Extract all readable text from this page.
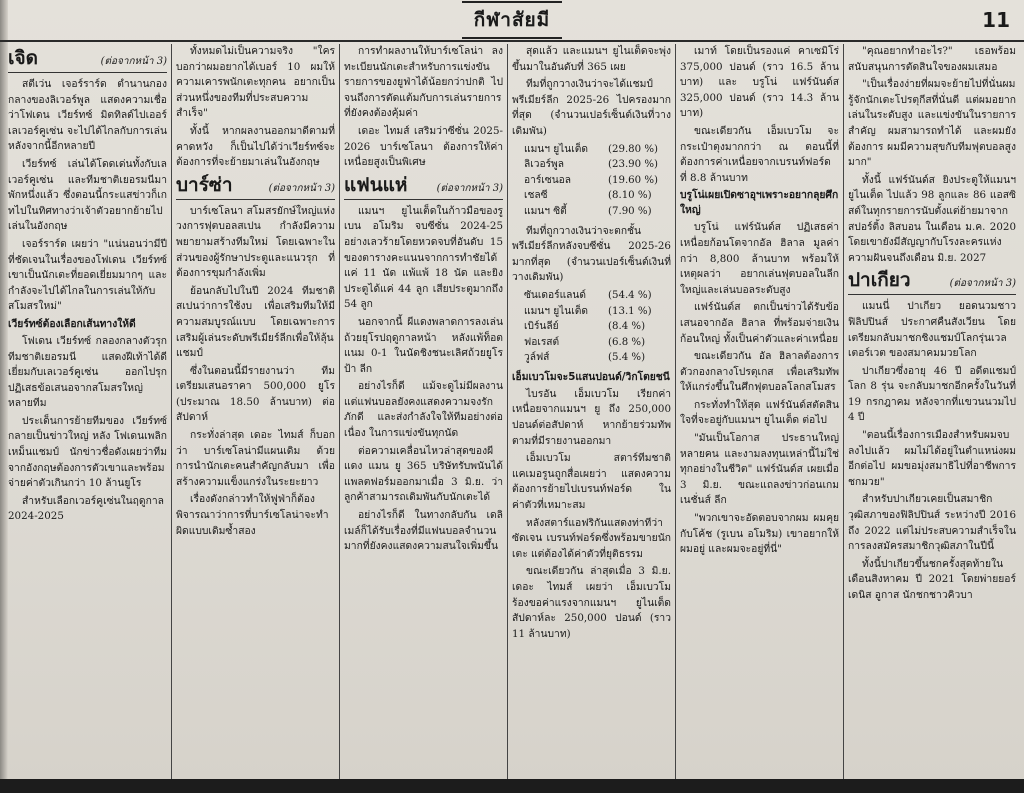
กีฬาสัยมี	11
เจิด	(ต่อจากหน้า 3)

สตีเว่น เจอร์ราร์ด ตำนานกองกลางของลิเวอร์พูล แสดงความเชื่อว่าโฟเดน เวียร์ทซ์ มิตทิลด์ไปเออร์ เลเวอร์คูเซ่น จะไปได้ไกลกับการเล่นหลังจากนี้อีกหลายปี

เวียร์ทซ์ เล่นได้โดดเด่นทั้งกับเลเวอร์คูเซ่น และทีมชาติเยอรมนีมาพักหนึ่งแล้ว ซึ่งตอนนี้กระแสข่าวก็เกทไปในทิศทางว่าเจ้าตัวอยากย้ายไปเล่นในอังกฤษ

เจอร์ราร์ด เผยว่า "แน่นอนว่ามีปีที่ชัดเจนในเรื่องของโฟเดน เวียร์ทซ์ เขาเป็นนักเตะที่ยอดเยี่ยมมากๆ และกำลังจะไปได้ไกลในการเล่นให้กับสโมสรใหม่"

เวียร์ทซ์ต้องเลือกเส้นทางให้ดี

โฟเดน เวียร์ทซ์ กลองกลางตัวรุกทีมชาติเยอรมนี แสดงฝีเท้าได้ดีเยี่ยมกับเลเวอร์คูเซ่น ออกไปรุกปฏิเสธข้อเสนอจากสโมสรใหญ่หลายทีม

ประเด็นการย้ายทีมของ เวียร์ทซ์กลายเป็นข่าวใหญ่ หลัง โฟเดนเพลิกเหม็นแชมป์ นักข่าวชื่อดังเผยว่าทีมจากอังกฤษต้องการตัวเขาและพร้อมจ่ายค่าตัวเกินกว่า 10 ล้านยูโร

สำหรับเลือกเวอร์คูเซ่นในฤดูกาล 2024-2025

ทั้งหมดไม่เป็นความจริง "ใครบอกว่าผมอยากได้เบอร์ 10 ผมให้ความเคารพนักเตะทุกคน อยากเป็นส่วนหนึ่งของทีมที่ประสบความสำเร็จ"

ทั้งนี้ หากผลงานออกมาดีตามที่คาดหวัง ก็เป็นไปได้ว่าเวียร์ทซ์จะต้องการที่จะย้ายมาเล่นในอังกฤษ

บาร์ซ่า	(ต่อจากหน้า 3)

บาร์เซโลนา สโมสรยักษ์ใหญ่แห่งวงการฟุตบอลสเปน กำลังมีความพยายามสร้างทีมใหม่ โดยเฉพาะในส่วนของผู้รักษาประตูและแนวรุก ที่ต้องการขุมกำลังเพิ่ม

ย้อนกลับไปในปี 2024 ทีมชาติสเปนว่าการใช้งบ เพื่อเสริมทีมให้มีความสมบูรณ์แบบ โดยเฉพาะการเสริมผู้เล่นระดับพรีเมียร์ลีกเพื่อให้ลุ้นแชมป์

ซึ่งในตอนนี้มีรายงานว่า ทีมเตรียมเสนอราคา 500,000 ยูโร (ประมาณ 18.50 ล้านบาท) ต่อสัปดาห์

กระทั่งล่าสุด เดอะ ไทมส์ ก็บอกว่า บาร์เซโลน่ามีแผนเดิม ด้วยการนำนักเตะคนสำคัญกลับมา เพื่อสร้างความแข็งแกร่งในระยะยาว

เรื่องดังกล่าวทำให้ฟูฟ่าก็ต้องพิจารณาว่าการที่บาร์เซโลน่าจะทำผิดแบบเดิมซ้ำสอง

การทำผลงานให้บาร์เซโลน่า ลงทะเบียนนักเตะสำหรับการแข่งขันรายการของยูฟ่าได้น้อยกว่าปกติ ไปจนถึงการตัดแต้มกับการเล่นรายการที่ยังคงต้องคุ้มค่า

เดอะ ไทมส์ เสริมว่าซีซั่น 2025-2026 บาร์เซโลนา ต้องการให้ค่าเหนื่อยสูงเป็นพิเศษ

แฟนแห่	(ต่อจากหน้า 3)

แมนฯ ยูไนเต็ดในก้าวมือของรูเบน อโมริม จบซีซั่น 2024-25 อย่างเลวร้ายโดยหวดจบที่อันดับ 15 ของตารางคะแนนจากการทำชัยได้แค่ 11 นัด แพ้แพ้ 18 นัด และยิงประตูได้แค่ 44 ลูก เสียประตูมากถึง 54 ลูก

นอกจากนี้ ผีแดงพลาดการลงเล่นถ้วยยุโรปฤดูกาลหน้า หลังแพ้ท็อตแนม 0-1 ในนัดชิงชนะเลิศถ้วยยูโรป้า ลีก

อย่างไรก็ดี แม้จะดูไม่มีผลงาน แต่แฟนบอลยังคงแสดงความจงรักภักดี และส่งกำลังใจให้ทีมอย่างต่อเนื่อง ในการแข่งขันทุกนัด

ต่อความเคลื่อนไหวล่าสุดของผีแดง แมน ยู 365 บริษัทรับพนันได้แพลตฟอร์มออกมาเมื่อ 3 มิ.ย. ว่าลูกค้าสามารถเดิมพันกับนักเตะได้

อย่างไรก็ดี ในทางกลับกัน เดลิเมล์ก็ได้รับเรื่องที่มีแฟนบอลจำนวนมากที่ยังคงแสดงความสนใจเพิ่มขึ้น

สุดแล้ว และแมนฯ ยูไนเต็ดจะพุ่งขึ้นมาในอันดับที่ 365 เผย

ทีมที่ถูกวางเงินว่าจะได้แชมป์พรีเมียร์ลีก 2025-26 ไปครองมากที่สุด (จำนวนเปอร์เซ็นต์เงินที่วางเดิมพัน)

แมนฯ ยูไนเต็ด	(29.80 %)
ลิเวอร์พูล	(23.90 %)
อาร์เซนอล	(19.60 %)
เชลซี	(8.10 %)
แมนฯ ซิตี้	(7.90 %)

ทีมที่ถูกวางเงินว่าจะตกชั้นพรีเมียร์ลีกหลังจบซีซั่น 2025-26 มากที่สุด (จำนวนเปอร์เซ็นต์เงินที่วางเดิมพัน)

ซันเดอร์แลนด์	(54.4 %)
แมนฯ ยูไนเต็ด	(13.1 %)
เบิร์นลีย์	(8.4 %)
ฟอเรสต์	(6.8 %)
วูล์ฟส์	(5.4 %)
เอ็มเบวโมจะ5แสนปอนด์/วิกโตยชนี

ไบรอัน เอ็มเบวโม เรียกค่าเหนื่อยจากแมนฯ ยู ถึง 250,000 ปอนด์ต่อสัปดาห์ หากย้ายร่วมทัพตามที่มีรายงานออกมา

เอ็มเบวโม สตาร์ทีมชาติแคเมอรูนถูกสื่อเผยว่า แสดงความต้องการย้ายไปเบรนท์ฟอร์ด ในค่าตัวที่เหมาะสม

หลังสตาร์แอฟริกันแสดงท่าทีว่าซัดเจน เบรนท์ฟอร์ดซึ่งพร้อมขายนักเตะ แต่ต้องได้ค่าตัวที่ยุติธรรม

ขณะเดียวกัน ล่าสุดเมื่อ 3 มิ.ย. เดอะ ไทมส์ เผยว่า เอ็มเบวโม ร้องขอค่าแรงจากแมนฯ ยูไนเต็ด สัปดาห์ละ 250,000 ปอนด์ (ราว 11 ล้านบาท)

เมาท์ โดยเป็นรองแค่ คาเซมิโร่ 375,000 ปอนด์ (ราว 16.5 ล้านบาท) และ บรูโน่ แฟร์นันด์ส 325,000 ปอนด์ (ราว 14.3 ล้านบาท)

ขณะเดียวกัน เอ็มเบวโม จะกระเป๋าตุงมากกว่า ณ ตอนนี้ที่ต้องการค่าเหนื่อยจากเบรนท์ฟอร์ด ที่ 8.8 ล้านบาท

บรูโน่เผยเปิดซาอุฯเพราะอยากลุยศึกใหญ่

บรูโน่ แฟร์นันด์ส ปฏิเสธค่าเหนื่อยก้อนโตจากอัล ฮิลาล มูลค่ากว่า 8,800 ล้านบาท พร้อมให้เหตุผลว่า อยากเล่นฟุตบอลในลีกใหญ่และเล่นบอลระดับสูง

แฟร์นันด์ส ตกเป็นข่าวได้รับข้อเสนอจากอัล ฮิลาล ที่พร้อมจ่ายเงินก้อนใหญ่ ทั้งเป็นค่าตัวและค่าเหนื่อย

ขณะเดียวกัน อัล ฮิลาลต้องการตัวกองกลางโปรตุเกส เพื่อเสริมทัพให้แกร่งขึ้นในศึกฟุตบอลโลกสโมสร

กระทั่งทำให้สุด แฟร์นันด์สตัดสินใจที่จะอยู่กับแมนฯ ยูไนเต็ด ต่อไป

"มันเป็นโอกาส ประธานใหญ่หลายคน และงามลงทุนเหล่านี้ไม่ใช่ทุกอย่างในชีวิต" แฟร์นันด์ส เผยเมื่อ 3 มิ.ย. ขณะแถลงข่าวก่อนเกมเนชั่นส์ ลีก

"พวกเขาจะอัดตอบจากผม ผมคุยกับโค้ช (รูเบน อโมริม) เขาอยากให้ผมอยู่ และผมจะอยู่ที่นี่"

"คุณอยากทำอะไร?" เธอพร้อมสนับสนุนการตัดสินใจของผมเสมอ

"เป็นเรื่องง่ายที่ผมจะย้ายไปที่นั่นผมรู้จักนักเตะโปรตุกีสที่นั่นดี แต่ผมอยากเล่นในระดับสูง และแข่งขันในรายการสำคัญ ผมสามารถทำได้ และผมยังต้องการ ผมมีความสุขกับทีมฟุตบอลสูงมาก"

ทั้งนี้ แฟร์นันด์ส ยิงประตูให้แมนฯ ยูไนเต็ด ไปแล้ว 98 ลูกและ 86 แอสซิสต์ในทุกรายการนับตั้งแต่ย้ายมาจากสปอร์ติ้ง ลิสบอน ในเดือน ม.ค. 2020 โดยเขายังมีสัญญากับโรงละครแห่งความฝันจนถึงเดือน มิ.ย. 2027

ปาเกียว	(ต่อจากหน้า 3)

แมนนี่ ปาเกียว ยอดนวมชาวฟิลิปปินส์ ประกาศคืนสังเวียน โดยเตรียมกลับมาชกชิงแชมป์โลกรุ่นเวลเตอร์เวต ของสมาคมมวยโลก

ปาเกียวซึ่งอายุ 46 ปี อดีตแชมป์โลก 8 รุ่น จะกลับมาชกอีกครั้งในวันที่ 19 กรกฎาคม หลังจากที่แขวนนวมไป 4 ปี

"ตอนนี้เรื่องการเมืองสำหรับผมจบลงไปแล้ว ผมไม่ได้อยู่ในตำแหน่งผมอีกต่อไป ผมขอมุ่งสมาธิไปที่อาชีพการชกมวย"

สำหรับปาเกียวเคยเป็นสมาชิกวุฒิสภาของฟิลิปปินส์ ระหว่างปี 2016 ถึง 2022 แต่ไม่ประสบความสำเร็จในการลงสมัครสมาชิกวุฒิสภาในปีนี้

ทั้งนี้ปาเกียวขึ้นชกครั้งสุดท้ายในเดือนสิงหาคม ปี 2021 โดยพ่ายยอร์เดนิส อูกาส นักชกชาวคิวบา
